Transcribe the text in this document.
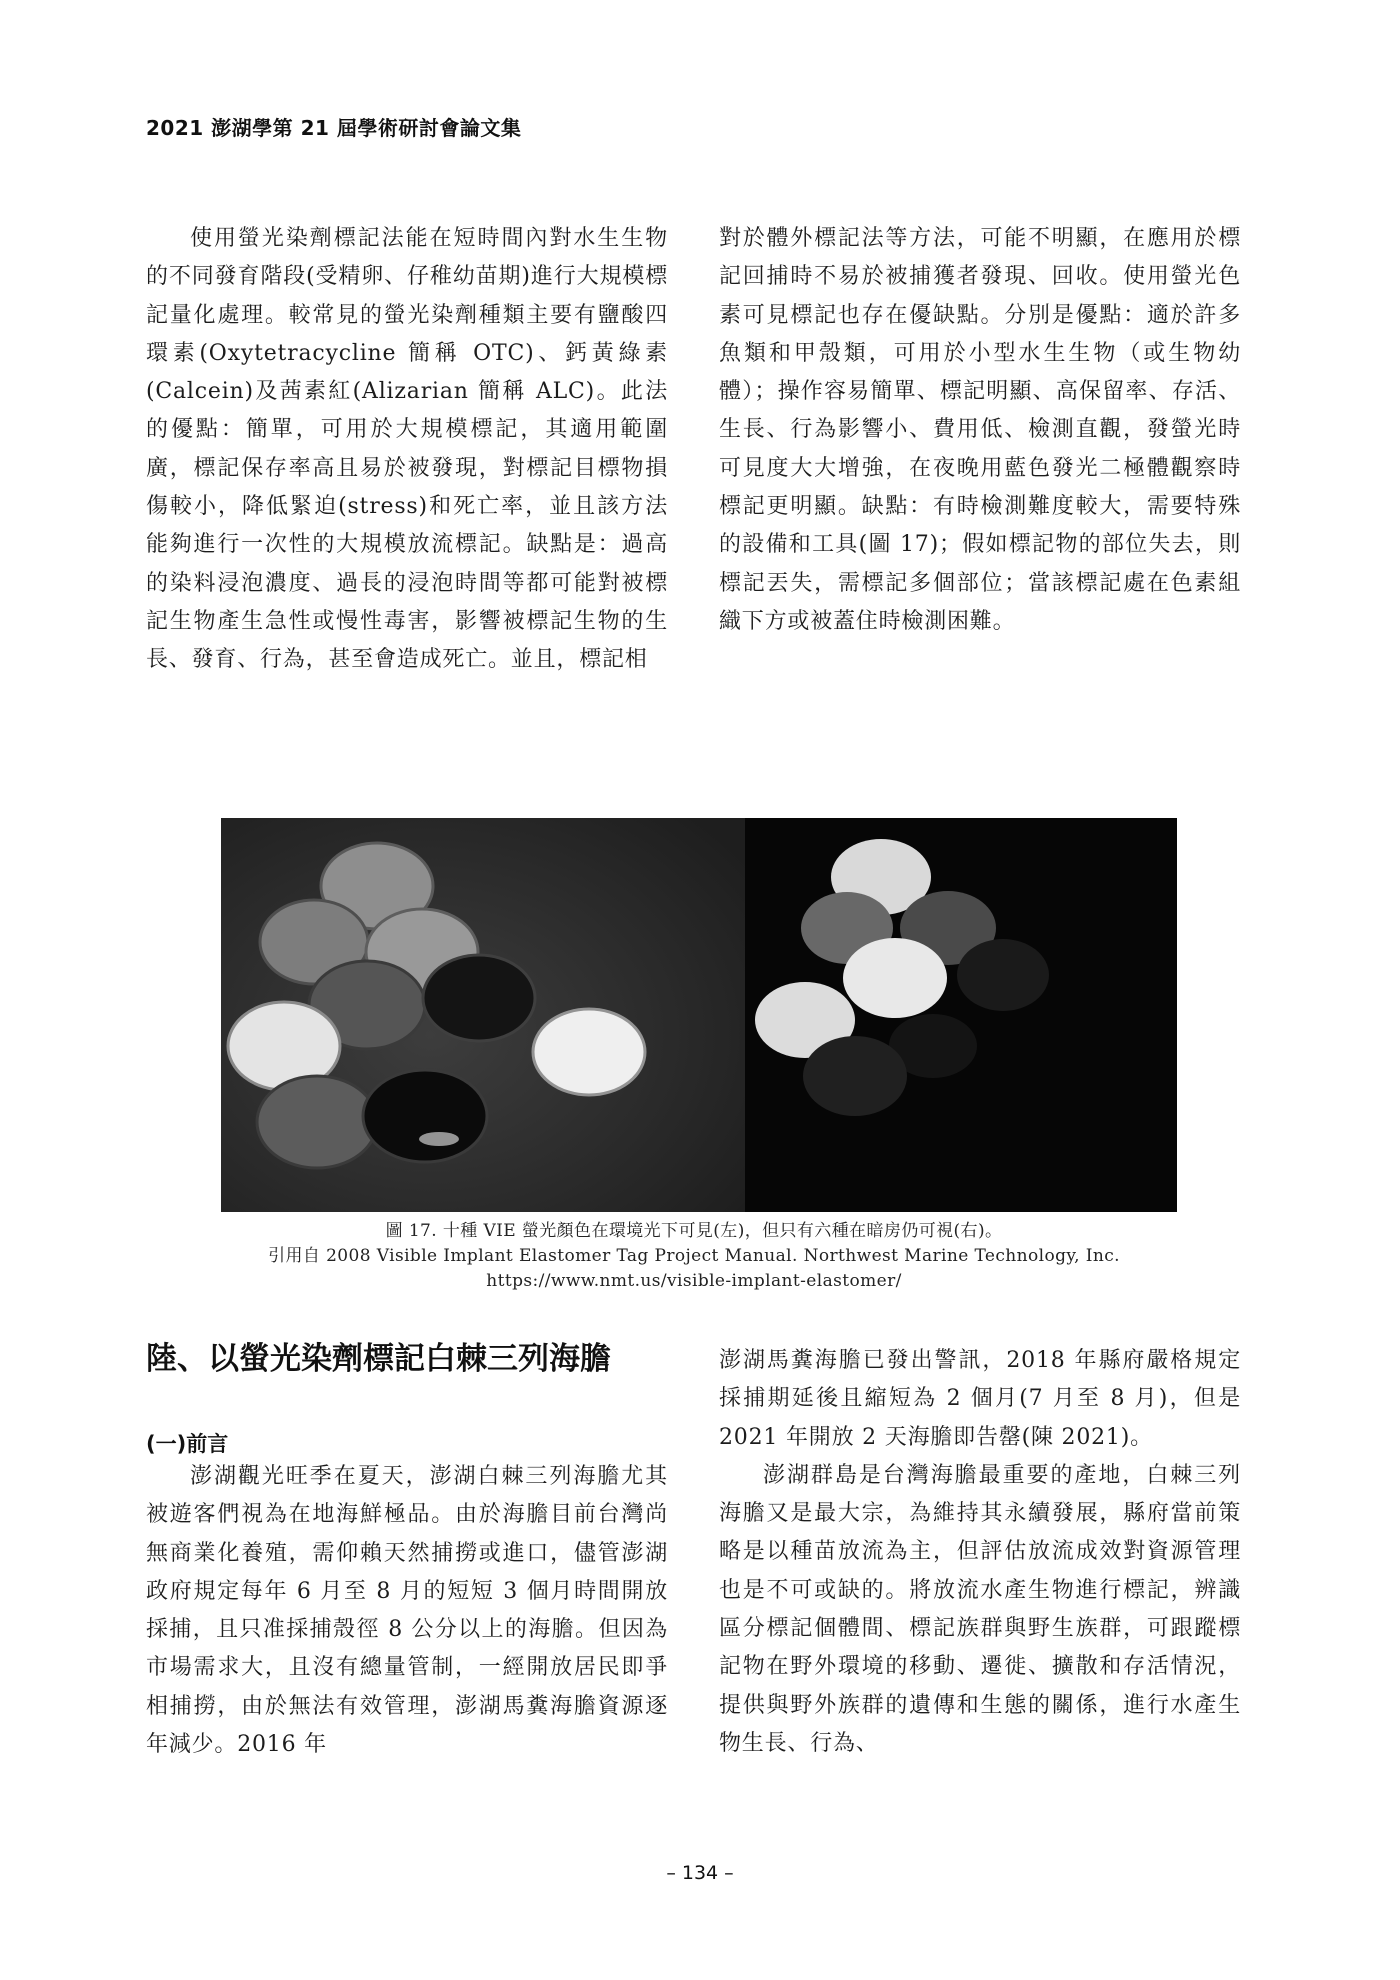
2021 澎湖學第 21 屆學術研討會論文集

使用螢光染劑標記法能在短時間內對水生生物的不同發育階段(受精卵、仔稚幼苗期)進行大規模標記量化處理。較常見的螢光染劑種類主要有鹽酸四環素(Oxytetracycline 簡稱 OTC)、鈣黃綠素(Calcein)及茜素紅(Alizarian 簡稱 ALC)。此法的優點：簡單，可用於大規模標記，其適用範圍廣，標記保存率高且易於被發現，對標記目標物損傷較小，降低緊迫(stress)和死亡率，並且該方法能夠進行一次性的大規模放流標記。缺點是：過高的染料浸泡濃度、過長的浸泡時間等都可能對被標記生物產生急性或慢性毒害，影響被標記生物的生長、發育、行為，甚至會造成死亡。並且，標記相

對於體外標記法等方法，可能不明顯，在應用於標記回捕時不易於被捕獲者發現、回收。使用螢光色素可見標記也存在優缺點。分別是優點：適於許多魚類和甲殼類，可用於小型水生生物（或生物幼體）；操作容易簡單、標記明顯、高保留率、存活、生長、行為影響小、費用低、檢測直觀，發螢光時可見度大大增強，在夜晚用藍色發光二極體觀察時標記更明顯。缺點：有時檢測難度較大，需要特殊的設備和工具(圖 17)；假如標記物的部位失去，則標記丟失，需標記多個部位；當該標記處在色素組織下方或被蓋住時檢測困難。

圖 17. 十種 VIE 螢光顏色在環境光下可見(左)，但只有六種在暗房仍可視(右)。
引用自 2008 Visible Implant Elastomer Tag Project Manual. Northwest Marine Technology, Inc.
https://www.nmt.us/visible-implant-elastomer/
陸、以螢光染劑標記白棘三列海膽
(一)前言

澎湖觀光旺季在夏天，澎湖白棘三列海膽尤其被遊客們視為在地海鮮極品。由於海膽目前台灣尚無商業化養殖，需仰賴天然捕撈或進口，儘管澎湖政府規定每年 6 月至 8 月的短短 3 個月時間開放採捕，且只准採捕殼徑 8 公分以上的海膽。但因為市場需求大，且沒有總量管制，一經開放居民即爭相捕撈，由於無法有效管理，澎湖馬糞海膽資源逐年減少。2016 年

澎湖馬糞海膽已發出警訊，2018 年縣府嚴格規定採捕期延後且縮短為 2 個月(7 月至 8 月)，但是 2021 年開放 2 天海膽即告罄(陳 2021)。

澎湖群島是台灣海膽最重要的產地，白棘三列海膽又是最大宗，為維持其永續發展，縣府當前策略是以種苗放流為主，但評估放流成效對資源管理也是不可或缺的。將放流水產生物進行標記，辨識區分標記個體間、標記族群與野生族群，可跟蹤標記物在野外環境的移動、遷徙、擴散和存活情況，提供與野外族群的遺傳和生態的關係，進行水產生物生長、行為、

– 134 –
